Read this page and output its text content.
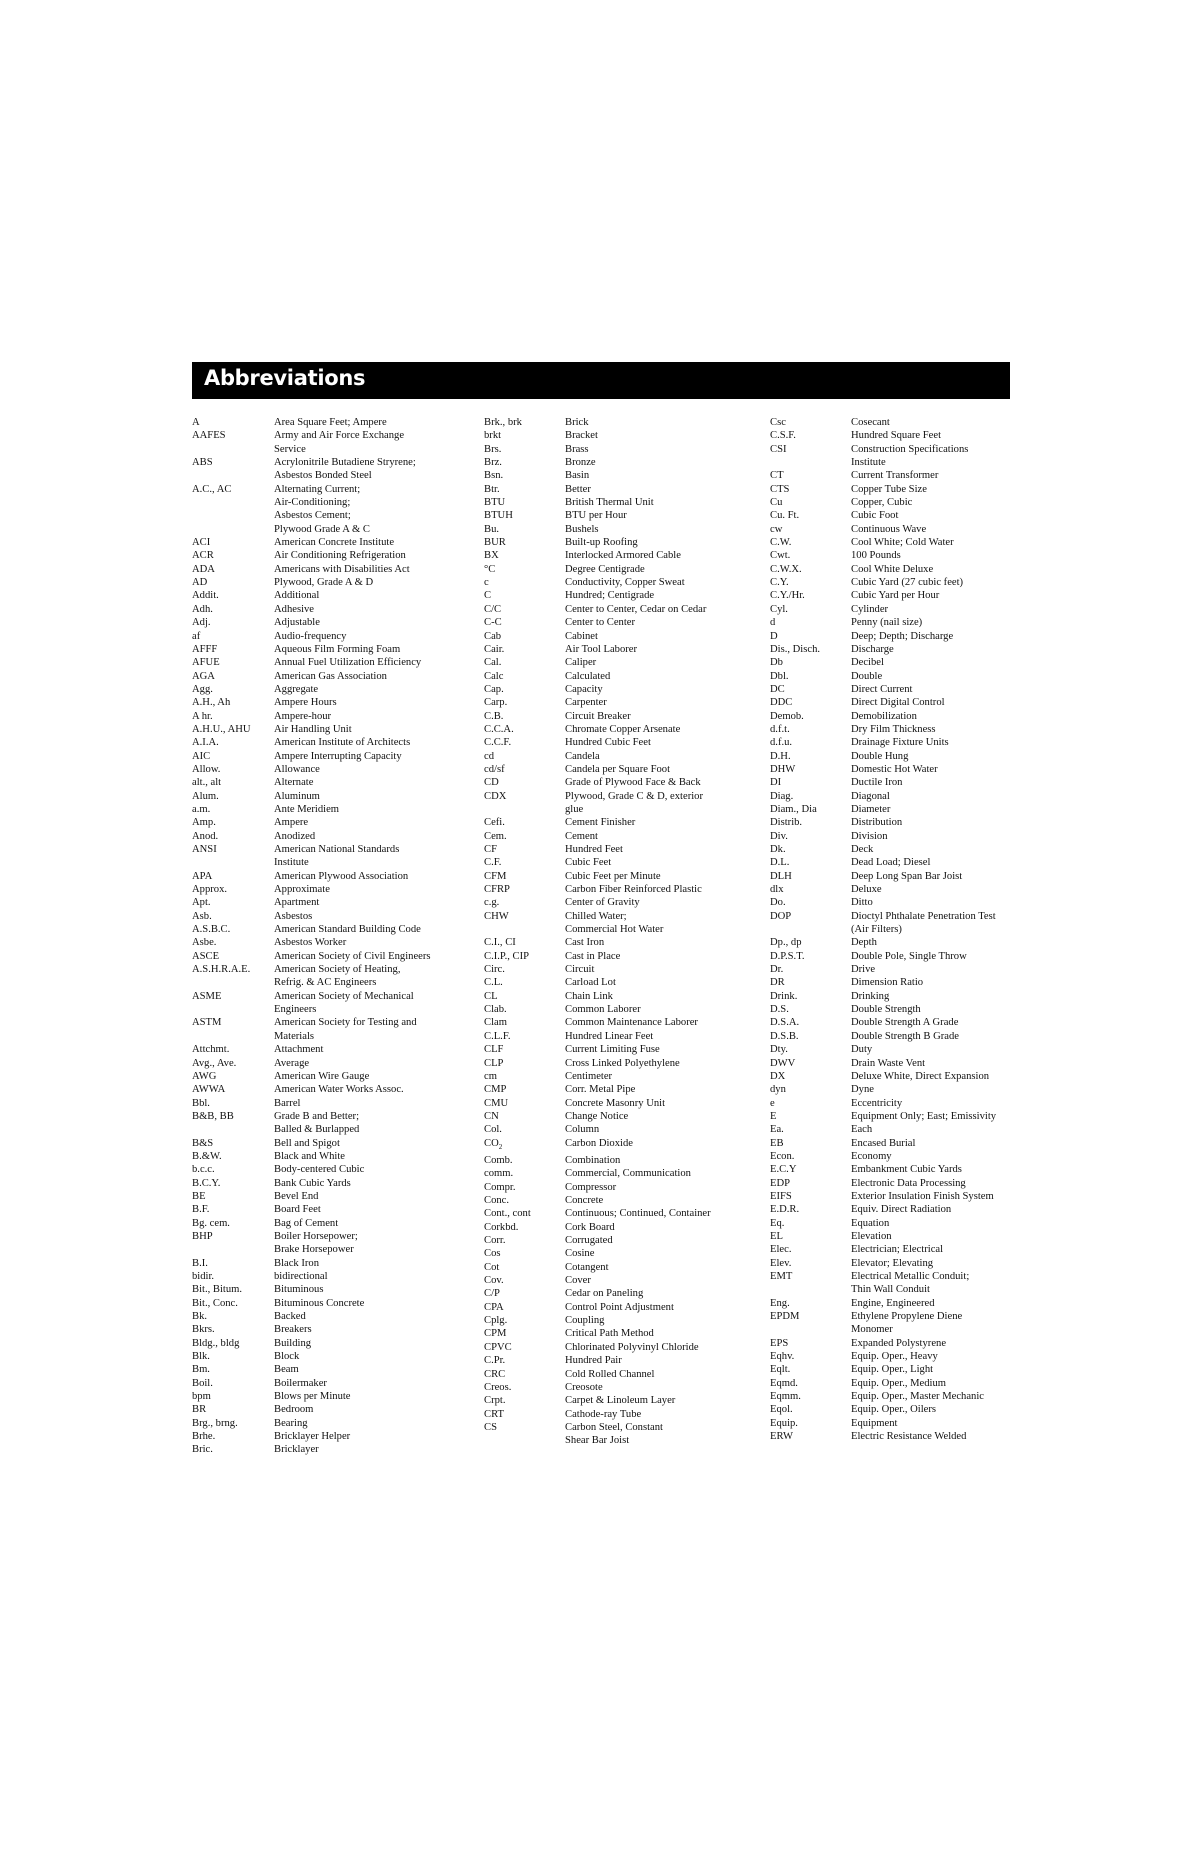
Abbreviations
A	Area Square Feet; Ampere
AAFES	Army and Air Force Exchange
Service
ABS	Acrylonitrile Butadiene Stryrene;
Asbestos Bonded Steel
A.C., AC	Alternating Current;
Air-Conditioning;
Asbestos Cement;
Plywood Grade A & C
ACI	American Concrete Institute
ACR	Air Conditioning Refrigeration
ADA	Americans with Disabilities Act
AD	Plywood, Grade A & D
Addit.	Additional
Adh.	Adhesive
Adj.	Adjustable
af	Audio-frequency
AFFF	Aqueous Film Forming Foam
AFUE	Annual Fuel Utilization Efficiency
AGA	American Gas Association
Agg.	Aggregate
A.H., Ah	Ampere Hours
A hr.	Ampere-hour
A.H.U., AHU	Air Handling Unit
A.I.A.	American Institute of Architects
AIC	Ampere Interrupting Capacity
Allow.	Allowance
alt., alt	Alternate
Alum.	Aluminum
a.m.	Ante Meridiem
Amp.	Ampere
Anod.	Anodized
ANSI	American National Standards
Institute
APA	American Plywood Association
Approx.	Approximate
Apt.	Apartment
Asb.	Asbestos
A.S.B.C.	American Standard Building Code
Asbe.	Asbestos Worker
ASCE	American Society of Civil Engineers
A.S.H.R.A.E.	American Society of Heating,
Refrig. & AC Engineers
ASME	American Society of Mechanical
Engineers
ASTM	American Society for Testing and
Materials
Attchmt.	Attachment
Avg., Ave.	Average
AWG	American Wire Gauge
AWWA	American Water Works Assoc.
Bbl.	Barrel
B&B, BB	Grade B and Better;
Balled & Burlapped
B&S	Bell and Spigot
B.&W.	Black and White
b.c.c.	Body-centered Cubic
B.C.Y.	Bank Cubic Yards
BE	Bevel End
B.F.	Board Feet
Bg. cem.	Bag of Cement
BHP	Boiler Horsepower;
Brake Horsepower
B.I.	Black Iron
bidir.	bidirectional
Bit., Bitum.	Bituminous
Bit., Conc.	Bituminous Concrete
Bk.	Backed
Bkrs.	Breakers
Bldg., bldg	Building
Blk.	Block
Bm.	Beam
Boil.	Boilermaker
bpm	Blows per Minute
BR	Bedroom
Brg., brng.	Bearing
Brhe.	Bricklayer Helper
Bric.	Bricklayer
Brk., brk	Brick
brkt	Bracket
Brs.	Brass
Brz.	Bronze
Bsn.	Basin
Btr.	Better
BTU	British Thermal Unit
BTUH	BTU per Hour
Bu.	Bushels
BUR	Built-up Roofing
BX	Interlocked Armored Cable
°C	Degree Centigrade
c	Conductivity, Copper Sweat
C	Hundred; Centigrade
C/C	Center to Center, Cedar on Cedar
C-C	Center to Center
Cab	Cabinet
Cair.	Air Tool Laborer
Cal.	Caliper
Calc	Calculated
Cap.	Capacity
Carp.	Carpenter
C.B.	Circuit Breaker
C.C.A.	Chromate Copper Arsenate
C.C.F.	Hundred Cubic Feet
cd	Candela
cd/sf	Candela per Square Foot
CD	Grade of Plywood Face & Back
CDX	Plywood, Grade C & D, exterior
glue
Cefi.	Cement Finisher
Cem.	Cement
CF	Hundred Feet
C.F.	Cubic Feet
CFM	Cubic Feet per Minute
CFRP	Carbon Fiber Reinforced Plastic
c.g.	Center of Gravity
CHW	Chilled Water;
Commercial Hot Water
C.I., CI	Cast Iron
C.I.P., CIP	Cast in Place
Circ.	Circuit
C.L.	Carload Lot
CL	Chain Link
Clab.	Common Laborer
Clam	Common Maintenance Laborer
C.L.F.	Hundred Linear Feet
CLF	Current Limiting Fuse
CLP	Cross Linked Polyethylene
cm	Centimeter
CMP	Corr. Metal Pipe
CMU	Concrete Masonry Unit
CN	Change Notice
Col.	Column
$CO_2$	Carbon Dioxide
Comb.	Combination
comm.	Commercial, Communication
Compr.	Compressor
Conc.	Concrete
Cont., cont	Continuous; Continued, Container
Corkbd.	Cork Board
Corr.	Corrugated
Cos	Cosine
Cot	Cotangent
Cov.	Cover
C/P	Cedar on Paneling
CPA	Control Point Adjustment
Cplg.	Coupling
CPM	Critical Path Method
CPVC	Chlorinated Polyvinyl Chloride
C.Pr.	Hundred Pair
CRC	Cold Rolled Channel
Creos.	Creosote
Crpt.	Carpet & Linoleum Layer
CRT	Cathode-ray Tube
CS	Carbon Steel, Constant
Shear Bar Joist
Csc	Cosecant
C.S.F.	Hundred Square Feet
CSI	Construction Specifications
Institute
CT	Current Transformer
CTS	Copper Tube Size
Cu	Copper, Cubic
Cu. Ft.	Cubic Foot
cw	Continuous Wave
C.W.	Cool White; Cold Water
Cwt.	100 Pounds
C.W.X.	Cool White Deluxe
C.Y.	Cubic Yard (27 cubic feet)
C.Y./Hr.	Cubic Yard per Hour
Cyl.	Cylinder
d	Penny (nail size)
D	Deep; Depth; Discharge
Dis., Disch.	Discharge
Db	Decibel
Dbl.	Double
DC	Direct Current
DDC	Direct Digital Control
Demob.	Demobilization
d.f.t.	Dry Film Thickness
d.f.u.	Drainage Fixture Units
D.H.	Double Hung
DHW	Domestic Hot Water
DI	Ductile Iron
Diag.	Diagonal
Diam., Dia	Diameter
Distrib.	Distribution
Div.	Division
Dk.	Deck
D.L.	Dead Load; Diesel
DLH	Deep Long Span Bar Joist
dlx	Deluxe
Do.	Ditto
DOP	Dioctyl Phthalate Penetration Test
(Air Filters)
Dp., dp	Depth
D.P.S.T.	Double Pole, Single Throw
Dr.	Drive
DR	Dimension Ratio
Drink.	Drinking
D.S.	Double Strength
D.S.A.	Double Strength A Grade
D.S.B.	Double Strength B Grade
Dty.	Duty
DWV	Drain Waste Vent
DX	Deluxe White, Direct Expansion
dyn	Dyne
e	Eccentricity
E	Equipment Only; East; Emissivity
Ea.	Each
EB	Encased Burial
Econ.	Economy
E.C.Y	Embankment Cubic Yards
EDP	Electronic Data Processing
EIFS	Exterior Insulation Finish System
E.D.R.	Equiv. Direct Radiation
Eq.	Equation
EL	Elevation
Elec.	Electrician; Electrical
Elev.	Elevator; Elevating
EMT	Electrical Metallic Conduit;
Thin Wall Conduit
Eng.	Engine, Engineered
EPDM	Ethylene Propylene Diene
Monomer
EPS	Expanded Polystyrene
Eqhv.	Equip. Oper., Heavy
Eqlt.	Equip. Oper., Light
Eqmd.	Equip. Oper., Medium
Eqmm.	Equip. Oper., Master Mechanic
Eqol.	Equip. Oper., Oilers
Equip.	Equipment
ERW	Electric Resistance Welded
